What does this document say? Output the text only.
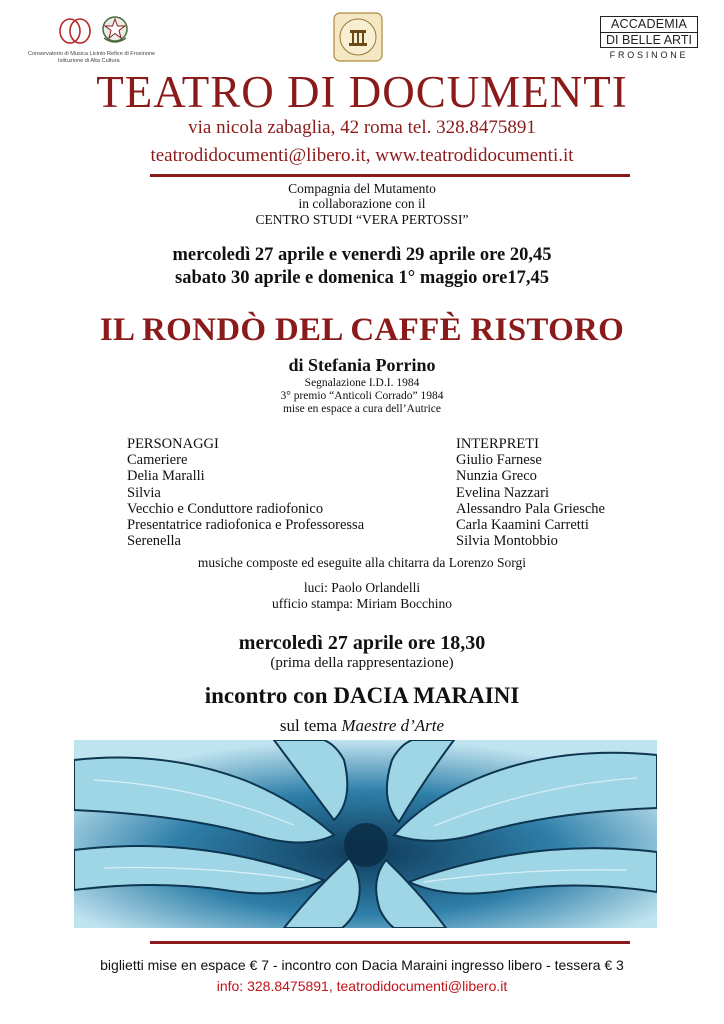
Conservatorio di Musica Licinio Refice di Frosinone
Istituzione di Alta Cultura
ACCADEMIA
DI BELLE ARTI
FROSINONE
TEATRO DI DOCUMENTI
via nicola zabaglia, 42 roma tel. 328.8475891
teatrodidocumenti@libero.it, www.teatrodidocumenti.it
Compagnia del Mutamento
in collaborazione con il
CENTRO STUDI “VERA PERTOSSI”
mercoledì 27 aprile e venerdì 29 aprile ore 20,45
sabato 30 aprile e domenica 1° maggio ore17,45
IL RONDÒ DEL CAFFÈ RISTORO
di Stefania Porrino
Segnalazione I.D.I. 1984
3° premio “Anticoli Corrado” 1984
mise en espace a cura dell’Autrice
PERSONAGGI
Cameriere
Delia Maralli
Silvia
Vecchio e Conduttore radiofonico
Presentatrice radiofonica e Professoressa
Serenella
INTERPRETI
Giulio Farnese
Nunzia Greco
Evelina Nazzari
Alessandro Pala Griesche
Carla Kaamini Carretti
Silvia Montobbio
musiche composte ed eseguite alla chitarra da Lorenzo Sorgi
luci: Paolo Orlandelli
ufficio stampa: Miriam Bocchino
mercoledì 27 aprile ore 18,30
(prima della rappresentazione)
incontro con DACIA MARAINI
sul tema Maestre d’Arte
biglietti mise en espace € 7 - incontro con Dacia Maraini ingresso libero - tessera € 3
info: 328.8475891, teatrodidocumenti@libero.it
